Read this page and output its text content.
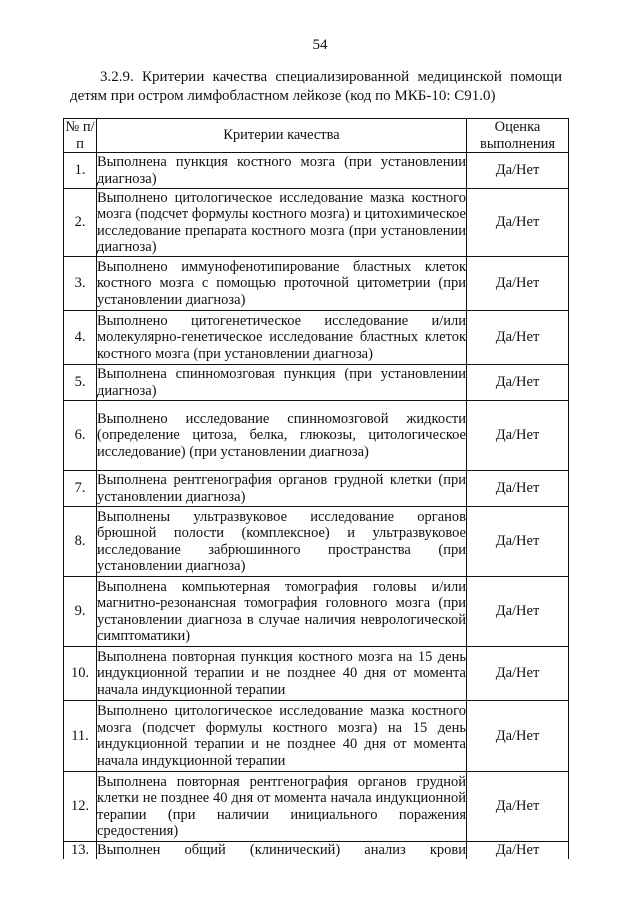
54
3.2.9. Критерии качества специализированной медицинской помощи
детям при остром лимфобластном лейкозе (код по МКБ-10: C91.0)
№ п/п	Критерии качества	Оценка выполнения
1.	Выполнена пункция костного мозга (при установлении диагноза)	Да/Нет
2.	Выполнено цитологическое исследование мазка костного мозга (подсчет формулы костного мозга) и цитохимическое исследование препарата костного мозга (при установлении диагноза)	Да/Нет
3.	Выполнено иммунофенотипирование бластных клеток костного мозга с помощью проточной цитометрии (при установлении диагноза)	Да/Нет
4.	Выполнено цитогенетическое исследование и/или молекулярно-генетическое исследование бластных клеток костного мозга (при установлении диагноза)	Да/Нет
5.	Выполнена спинномозговая пункция (при установлении диагноза)	Да/Нет
6.	Выполнено исследование спинномозговой жидкости (определение цитоза, белка, глюкозы, цитологическое исследование) (при установлении диагноза)	Да/Нет
7.	Выполнена рентгенография органов грудной клетки (при установлении диагноза)	Да/Нет
8.	Выполнены ультразвуковое исследование органов брюшной полости (комплексное) и ультразвуковое исследование забрюшинного пространства (при установлении диагноза)	Да/Нет
9.	Выполнена компьютерная томография головы и/или магнитно-резонансная томография головного мозга (при установлении диагноза в случае наличия неврологической симптоматики)	Да/Нет
10.	Выполнена повторная пункция костного мозга на 15 день индукционной терапии и не позднее 40 дня от момента начала индукционной терапии	Да/Нет
11.	Выполнено цитологическое исследование мазка костного мозга (подсчет формулы костного мозга) на 15 день индукционной терапии и не позднее 40 дня от момента начала индукционной терапии	Да/Нет
12.	Выполнена повторная рентгенография органов грудной клетки не позднее 40 дня от момента начала индукционной терапии (при наличии инициального поражения средостения)	Да/Нет
13.	Выполнен общий (клинический) анализ крови	Да/Нет
